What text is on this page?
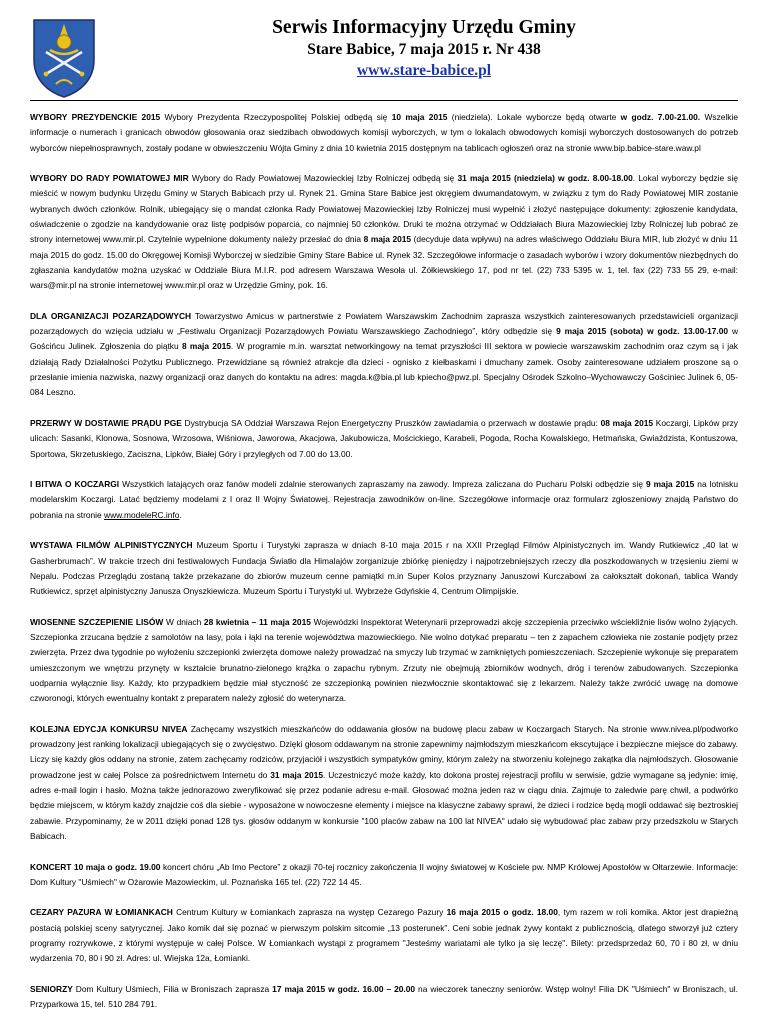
Serwis Informacyjny Urzędu Gminy
Stare Babice, 7 maja 2015 r. Nr 438
www.stare-babice.pl

WYBORY PREZYDENCKIE 2015 Wybory Prezydenta Rzeczypospolitej Polskiej odbędą się 10 maja 2015 (niedziela). Lokale wyborcze będą otwarte w godz. 7.00-21.00. Wszelkie informacje o numerach i granicach obwodów głosowania oraz siedzibach obwodowych komisji wyborczych, w tym o lokalach obwodowych komisji wyborczych dostosowanych do potrzeb wyborców niepełnosprawnych, zostały podane w obwieszczeniu Wójta Gminy z dnia 10 kwietnia 2015 dostępnym na tablicach ogłoszeń oraz na stronie www.bip.babice-stare.waw.pl

WYBORY DO RADY POWIATOWEJ MIR Wybory do Rady Powiatowej Mazowieckiej Izby Rolniczej odbędą się 31 maja 2015 (niedziela) w godz. 8.00-18.00. Lokal wyborczy będzie się mieścić w nowym budynku Urzędu Gminy w Starych Babicach przy ul. Rynek 21. Gmina Stare Babice jest okręgiem dwumandatowym, w związku z tym do Rady Powiatowej MIR zostanie wybranych dwóch członków. Rolnik, ubiegający się o mandat członka Rady Powiatowej Mazowieckiej Izby Rolniczej musi wypełnić i złożyć następujące dokumenty: zgłoszenie kandydata, oświadczenie o zgodzie na kandydowanie oraz listę podpisów poparcia, co najmniej 50 członków. Druki te można otrzymać w Oddziałach Biura Mazowieckiej Izby Rolniczej lub pobrać ze strony internetowej www.mir.pl. Czytelnie wypełnione dokumenty należy przesłać do dnia 8 maja 2015 (decyduje data wpływu) na adres właściwego Oddziału Biura MIR, lub złożyć w dniu 11 maja 2015 do godz. 15.00 do Okręgowej Komisji Wyborczej w siedzibie Gminy Stare Babice ul. Rynek 32. Szczegółowe informacje o zasadach wyborów i wzory dokumentów niezbędnych do zgłaszania kandydatów można uzyskać w Oddziale Biura M.I.R. pod adresem Warszawa Wesoła ul. Żółkiewskiego 17, pod nr tel. (22) 733 5395 w. 1, tel. fax (22) 733 55 29, e-mail: wars@mir.pl na stronie internetowej www.mir.pl oraz w Urzędzie Gminy, pok. 16.

DLA ORGANIZACJI POZARZĄDOWYCH Towarzystwo Amicus w partnerstwie z Powiatem Warszawskim Zachodnim zaprasza wszystkich zainteresowanych przedstawicieli organizacji pozarządowych do wzięcia udziału w „Festiwalu Organizacji Pozarządowych Powiatu Warszawskiego Zachodniego”, który odbędzie się 9 maja 2015 (sobota) w godz. 13.00-17.00 w Gościńcu Julinek. Zgłoszenia do piątku 8 maja 2015. W programie m.in. warsztat networkingowy na temat przyszłości III sektora w powiecie warszawskim zachodnim oraz czym są i jak działają Rady Działalności Pożytku Publicznego. Przewidziane są również atrakcje dla dzieci - ognisko z kiełbaskami i dmuchany zamek. Osoby zainteresowane udziałem proszone są o przesłanie imienia nazwiska, nazwy organizacji oraz danych do kontaktu na adres: magda.k@bia.pl lub kpiecho@pwz.pl. Specjalny Ośrodek Szkolno–Wychowawczy Gościniec Julinek 6, 05-084 Leszno.

PRZERWY W DOSTAWIE PRĄDU PGE Dystrybucja SA Oddział Warszawa Rejon Energetyczny Pruszków zawiadamia o przerwach w dostawie prądu: 08 maja 2015 Koczargi, Lipków przy ulicach: Sasanki, Klonowa, Sosnowa, Wrzosowa, Wiśniowa, Jaworowa, Akacjowa, Jakubowicza, Mościckiego, Karabeli, Pogoda, Rocha Kowalskiego, Hetmańska, Gwiaździsta, Kontuszowa, Sportowa, Skrzetuskiego, Zaciszna, Lipków, Białej Góry i przyległych od 7.00 do 13.00.

I BITWA O KOCZARGI Wszystkich latających oraz fanów modeli zdalnie sterowanych zapraszamy na zawody. Impreza zaliczana do Pucharu Polski odbędzie się 9 maja 2015 na lotnisku modelarskim Koczargi. Latać będziemy modelami z I oraz II Wojny Światowej. Rejestracja zawodników on-line. Szczegółowe informacje oraz formularz zgłoszeniowy znajdą Państwo do pobrania na stronie www.modeleRC.info.

WYSTAWA FILMÓW ALPINISTYCZNYCH Muzeum Sportu i Turystyki zaprasza w dniach 8-10 maja 2015 r na XXII Przegląd Filmów Alpinistycznych im. Wandy Rutkiewicz „40 lat w Gasherbrumach”. W trakcie trzech dni festiwalowych Fundacja Światło dla Himalajów zorganizuje zbiórkę pieniędzy i najpotrzebniejszych rzeczy dla poszkodowanych w trzęsieniu ziemi w Nepalu. Podczas Przeglądu zostaną także przekazane do zbiorów muzeum cenne pamiątki m.in Super Kolos przyznany Januszowi Kurczabowi za całokształt dokonań, tablica Wandy Rutkiewicz, sprzęt alpinistyczny Janusza Onyszkiewicza. Muzeum Sportu i Turystyki ul. Wybrzeże Gdyńskie 4, Centrum Olimpijskie.

WIOSENNE SZCZEPIENIE LISÓW W dniach 28 kwietnia – 11 maja 2015 Wojewódzki Inspektorat Weterynarii przeprowadzi akcję szczepienia przeciwko wściekliźnie lisów wolno żyjących. Szczepionka zrzucana będzie z samolotów na lasy, pola i łąki na terenie województwa mazowieckiego. Nie wolno dotykać preparatu – ten z zapachem człowieka nie zostanie podjęty przez zwierzęta. Przez dwa tygodnie po wyłożeniu szczepionki zwierzęta domowe należy prowadzać na smyczy lub trzymać w zamkniętych pomieszczeniach. Szczepienie wykonuje się preparatem umieszczonym we wnętrzu przynęty w kształcie brunatno-zielonego krążka o zapachu rybnym. Zrzuty nie obejmują zbiorników wodnych, dróg i terenów zabudowanych. Szczepionka uodparnia wyłącznie lisy. Każdy, kto przypadkiem będzie miał styczność ze szczepionką powinien niezwłocznie skontaktować się z lekarzem. Należy także zwrócić uwagę na domowe czworonogi, których ewentualny kontakt z preparatem należy zgłosić do weterynarza.

KOLEJNA EDYCJA KONKURSU NIVEA Zachęcamy wszystkich mieszkańców do oddawania głosów na budowę placu zabaw w Koczargach Starych. Na stronie www.nivea.pl/podworko prowadzony jest ranking lokalizacji ubiegających się o zwycięstwo. Dzięki głosom oddawanym na stronie zapewnimy najmłodszym mieszkańcom ekscytujące i bezpieczne miejsce do zabawy. Liczy się każdy głos oddany na stronie, zatem zachęcamy rodziców, przyjaciół i wszystkich sympatyków gminy, którym zależy na stworzeniu kolejnego zakątka dla najmłodszych. Głosowanie prowadzone jest w całej Polsce za pośrednictwem Internetu do 31 maja 2015. Uczestniczyć może każdy, kto dokona prostej rejestracji profilu w serwisie, gdzie wymagane są jedynie: imię, adres e-mail login i hasło. Można także jednorazowo zweryfikować się przez podanie adresu e-mail. Głosować można jeden raz w ciągu dnia. Zajmuje to zaledwie parę chwil, a podwórko będzie miejscem, w którym każdy znajdzie coś dla siebie - wyposażone w nowoczesne elementy i miejsce na klasyczne zabawy sprawi, że dzieci i rodzice będą mogli oddawać się beztroskiej zabawie. Przypominamy, że w 2011 dzięki ponad 128 tys. głosów oddanym w konkursie "100 placów zabaw na 100 lat NIVEA" udało się wybudować plac zabaw przy przedszkolu w Starych Babicach.

KONCERT 10 maja o godz. 19.00 koncert chóru „Ab Imo Pectore” z okazji 70-tej rocznicy zakończenia II wojny światowej w Kościele pw. NMP Królowej Apostołów w Ołtarzewie. Informacje: Dom Kultury "Uśmiech" w Ożarowie Mazowieckim, ul. Poznańska 165 tel. (22) 722 14 45.

CEZARY PAZURA W ŁOMIANKACH Centrum Kultury w Łomiankach zaprasza na występ Cezarego Pazury 16 maja 2015 o godz. 18.00, tym razem w roli komika. Aktor jest drapieżną postacią polskiej sceny satyrycznej. Jako komik dał się poznać w pierwszym polskim sitcomie „13 posterunek”. Ceni sobie jednak żywy kontakt z publicznością, dlatego stworzył już cztery programy rozrywkowe, z którymi występuje w całej Polsce. W Łomiankach wystąpi z programem "Jesteśmy wariatami ale tylko ja się leczę". Bilety: przedsprzedaż 60, 70 i 80 zł, w dniu wydarzenia 70, 80 i 90 zł. Adres: ul. Wiejska 12a, Łomianki.

SENIORZY Dom Kultury Uśmiech, Filia w Broniszach zaprasza 17 maja 2015 w godz. 16.00 – 20.00 na wieczorek taneczny seniorów. Wstęp wolny! Filia DK "Uśmiech" w Broniszach, ul. Przyparkowa 15, tel. 510 284 791.
